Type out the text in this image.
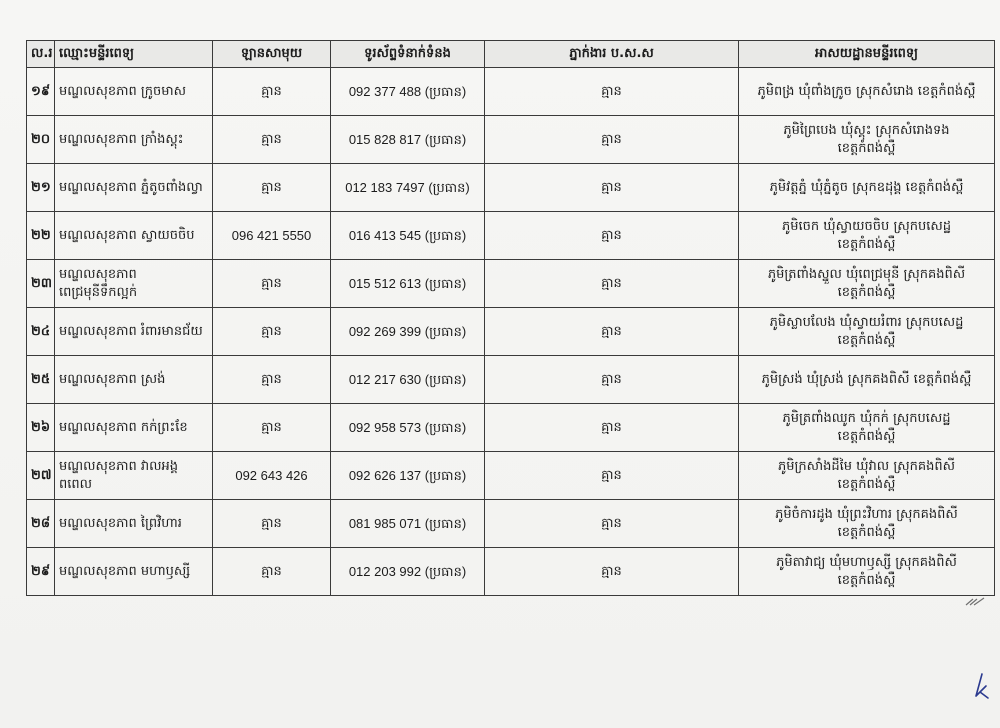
ល.រ	ឈ្មោះមន្ទីរពេទ្យ	ឡានសាមុយ	ទូរស័ព្ទទំនាក់ទំនង	ភ្នាក់ងារ ប.ស.ស	អាសយដ្ឋានមន្ទីរពេទ្យ
១៩	មណ្ឌលសុខភាព ក្រូចមាស	គ្មាន	092 377 488 (ប្រធាន)	គ្មាន	ភូមិពង្រ ឃុំពាំងក្រូច ស្រុកសំរោង ខេត្តកំពង់ស្ពឺ

២០	មណ្ឌលសុខភាព ក្រាំងស្គុះ	គ្មាន	015 828 817 (ប្រធាន)	គ្មាន	ភូមិព្រៃបេង ឃុំស្គុះ ស្រុកសំរោងទង
ខេត្តកំពង់ស្ពឺ

២១	មណ្ឌលសុខភាព ភ្នំតូចពាំងល្វា	គ្មាន	012 183 7497 (ប្រធាន)	គ្មាន	ភូមិវត្តភ្នំ ឃុំភ្នំតូច ស្រុកឧដុង្គ ខេត្តកំពង់ស្ពឺ

២២	មណ្ឌលសុខភាព ស្វាយចចិប	096 421 5550	016 413 545 (ប្រធាន)	គ្មាន	ភូមិចេក ឃុំស្វាយចចិប ស្រុកបសេដ្ឋ
ខេត្តកំពង់ស្ពឺ

២៣	មណ្ឌលសុខភាព
ពេជ្រមុនីទឹកល្អក់	គ្មាន	015 512 613 (ប្រធាន)	គ្មាន	ភូមិត្រពាំងស្នួល ឃុំពេជ្រមុនី ស្រុកគងពិសី
ខេត្តកំពង់ស្ពឺ

២៤	មណ្ឌលសុខភាព រំពារមានជ័យ	គ្មាន	092 269 399 (ប្រធាន)	គ្មាន	ភូមិស្លាបលែង ឃុំស្វាយរំពារ ស្រុកបសេដ្ឋ
ខេត្តកំពង់ស្ពឺ

២៥	មណ្ឌលសុខភាព ស្រង់	គ្មាន	012 217 630 (ប្រធាន)	គ្មាន	ភូមិស្រង់ ឃុំស្រង់ ស្រុកគងពិសី ខេត្តកំពង់ស្ពឺ

២៦	មណ្ឌលសុខភាព កក់ព្រះខែ	គ្មាន	092 958 573 (ប្រធាន)	គ្មាន	ភូមិត្រពាំងឈូក ឃុំកក់ ស្រុកបសេដ្ឋ
ខេត្តកំពង់ស្ពឺ

២៧	មណ្ឌលសុខភាព វាលអង្គ
ពពេល	092 643 426	092 626 137 (ប្រធាន)	គ្មាន	ភូមិក្រសាំងដីមៃ ឃុំវាល ស្រុកគងពិសី
ខេត្តកំពង់ស្ពឺ

២៨	មណ្ឌលសុខភាព ព្រៃវិហារ	គ្មាន	081 985 071 (ប្រធាន)	គ្មាន	ភូមិចំការដូង ឃុំព្រះវិហារ ស្រុកគងពិសី
ខេត្តកំពង់ស្ពឺ

២៩	មណ្ឌលសុខភាព មហាឫស្សី	គ្មាន	012 203 992 (ប្រធាន)	គ្មាន	ភូមិតាវាជ្យ ឃុំមហាឫស្សី ស្រុកគងពិសី
ខេត្តកំពង់ស្ពឺ
